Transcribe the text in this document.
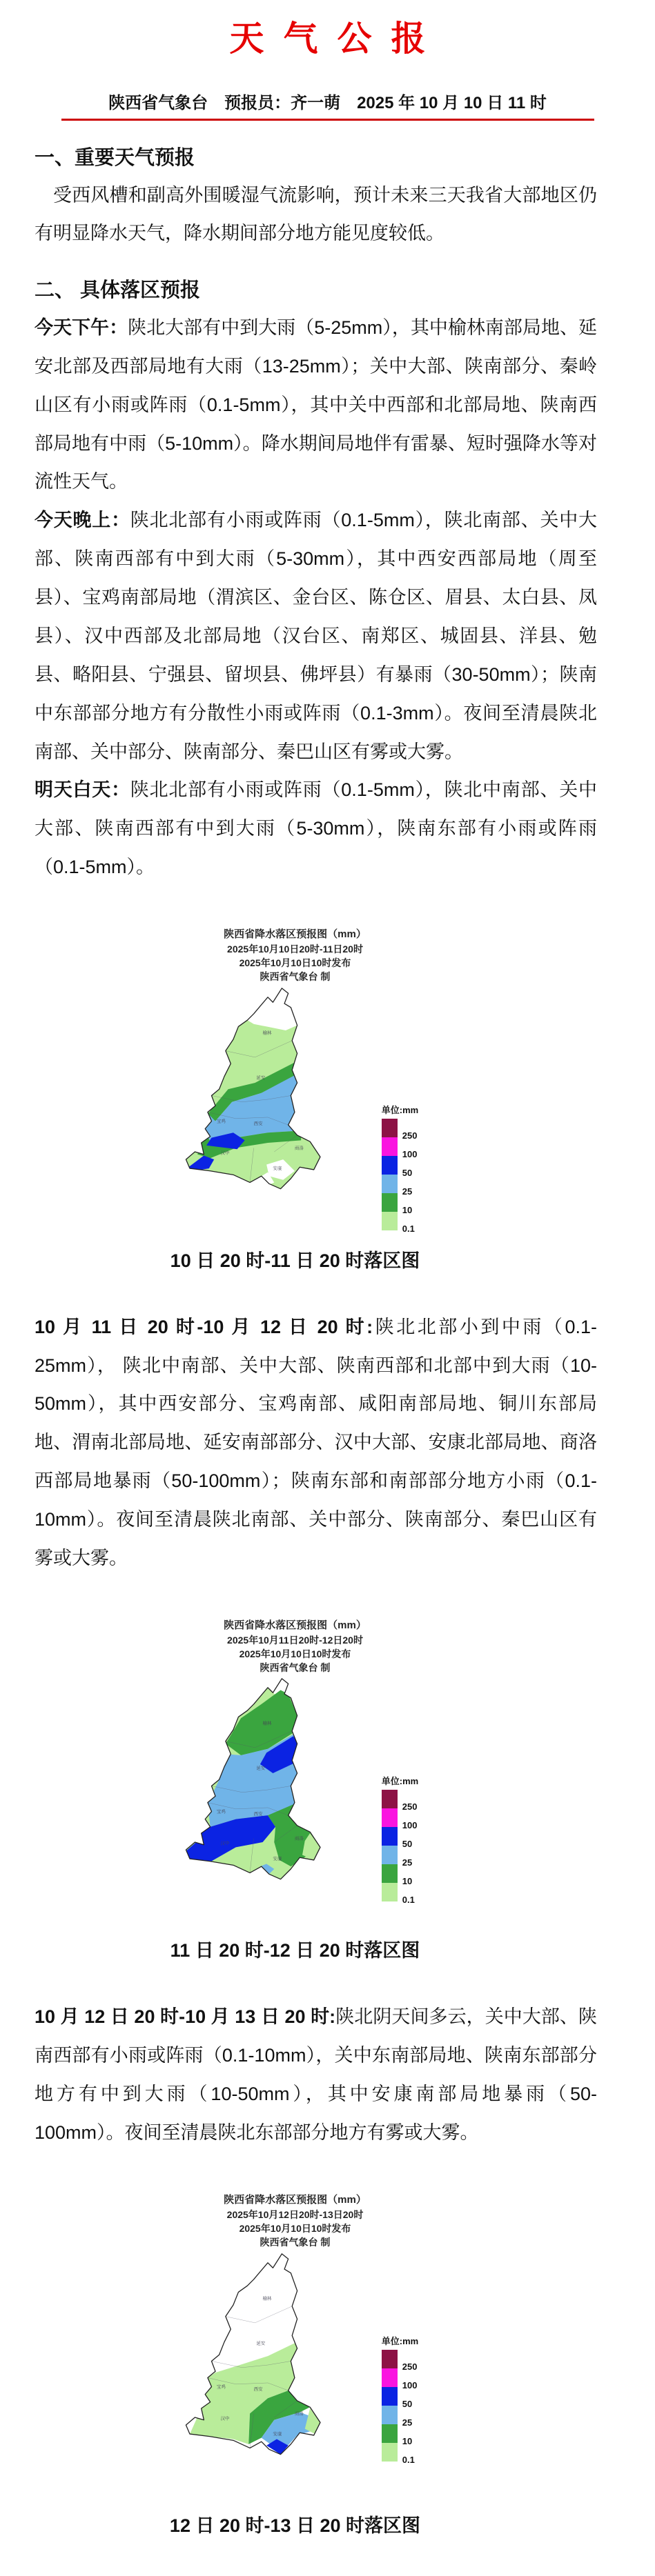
天气公报
陕西省气象台　预报员：齐一萌　2025 年 10 月 10 日 11 时
一、重要天气预报

受西风槽和副高外围暖湿气流影响，预计未来三天我省大部地区仍有明显降水天气，降水期间部分地方能见度较低。

二、 具体落区预报

今天下午：陕北大部有中到大雨（5-25mm），其中榆林南部局地、延安北部及西部局地有大雨（13-25mm）；关中大部、陕南部分、秦岭山区有小雨或阵雨（0.1-5mm），其中关中西部和北部局地、陕南西部局地有中雨（5-10mm）。降水期间局地伴有雷暴、短时强降水等对流性天气。

今天晚上：陕北北部有小雨或阵雨（0.1-5mm），陕北南部、关中大部、陕南西部有中到大雨（5-30mm），其中西安西部局地（周至县）、宝鸡南部局地（渭滨区、金台区、陈仓区、眉县、太白县、凤县）、汉中西部及北部局地（汉台区、南郑区、城固县、洋县、勉县、略阳县、宁强县、留坝县、佛坪县）有暴雨（30-50mm）；陕南中东部部分地方有分散性小雨或阵雨（0.1-3mm）。夜间至清晨陕北南部、关中部分、陕南部分、秦巴山区有雾或大雾。

明天白天：陕北北部有小雨或阵雨（0.1-5mm），陕北中南部、关中大部、陕南西部有中到大雨（5-30mm），陕南东部有小雨或阵雨（0.1-5mm）。

陕西省降水落区预报图（mm）
2025年10月10日20时-11日20时
2025年10月10日10时发布
陕西省气象台 制
榆林
延安
西安
宝鸡
汉中
安康
商洛
单位:mm
250
100
50
25
10
0.1
10 日 20 时-11 日 20 时落区图

10 月 11 日 20 时-10 月 12 日 20 时:陕北北部小到中雨（0.1-25mm）， 陕北中南部、关中大部、陕南西部和北部中到大雨（10-50mm），其中西安部分、宝鸡南部、咸阳南部局地、铜川东部局地、渭南北部局地、延安南部部分、汉中大部、安康北部局地、商洛西部局地暴雨（50-100mm）；陕南东部和南部部分地方小雨（0.1-10mm）。夜间至清晨陕北南部、关中部分、陕南部分、秦巴山区有雾或大雾。

陕西省降水落区预报图（mm）
2025年10月11日20时-12日20时
2025年10月10日10时发布
陕西省气象台 制
榆林
延安
西安
宝鸡
汉中
安康
商洛
单位:mm
250
100
50
25
10
0.1
11 日 20 时-12 日 20 时落区图

10 月 12 日 20 时-10 月 13 日 20 时:陕北阴天间多云，关中大部、陕南西部有小雨或阵雨（0.1-10mm），关中东南部局地、陕南东部部分地方有中到大雨（10-50mm），其中安康南部局地暴雨（50-100mm）。夜间至清晨陕北东部部分地方有雾或大雾。

陕西省降水落区预报图（mm）
2025年10月12日20时-13日20时
2025年10月10日10时发布
陕西省气象台 制
榆林
延安
西安
宝鸡
汉中
安康
商洛
单位:mm
250
100
50
25
10
0.1
12 日 20 时-13 日 20 时落区图
